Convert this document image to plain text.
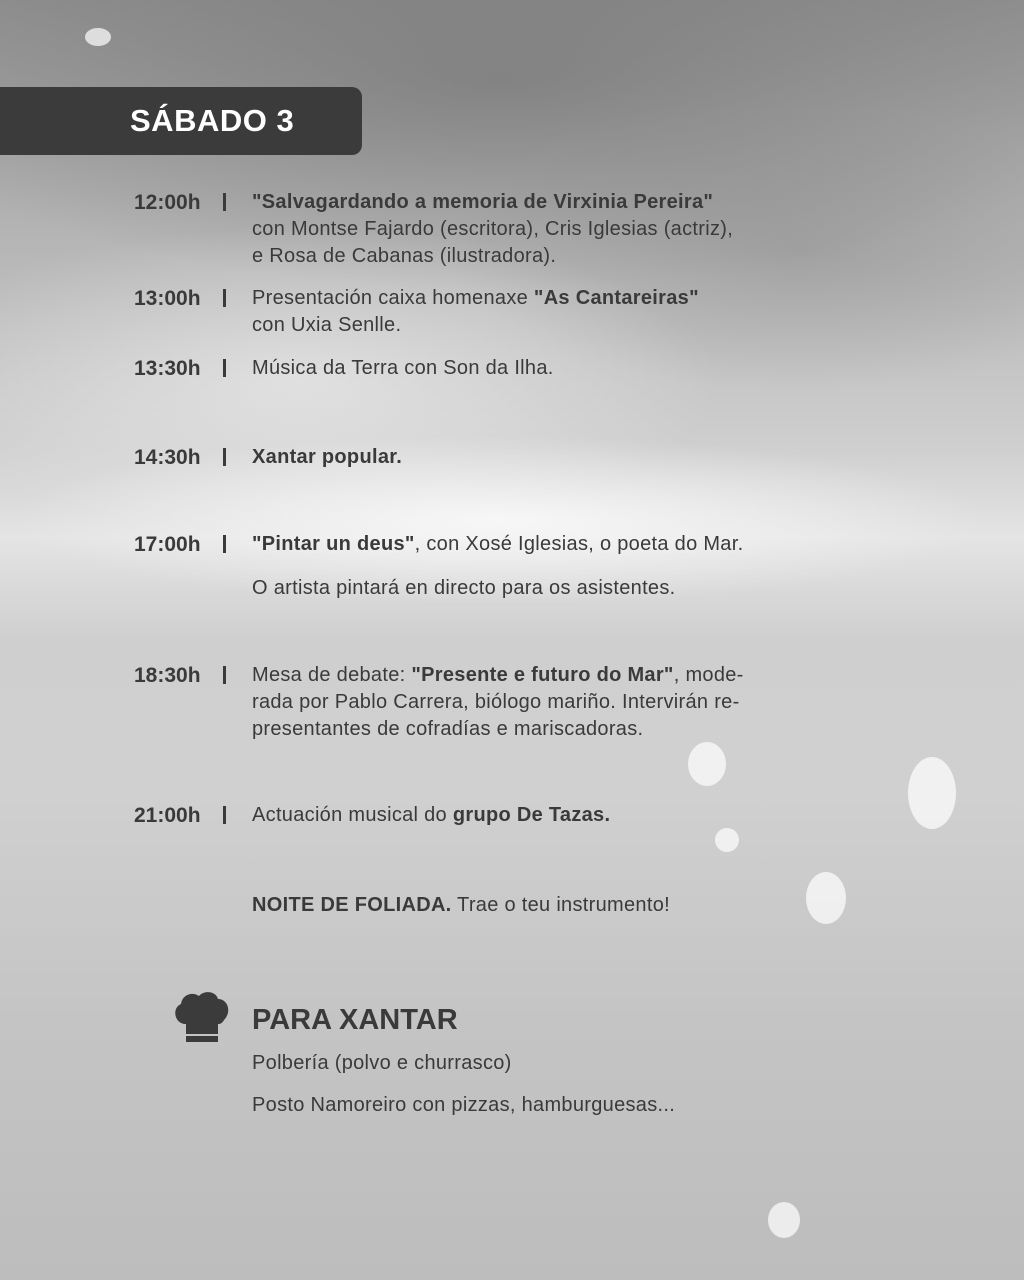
SÁBADO 3
12:00h	"Salvagardando a memoria de Virxinia Pereira"
con Montse Fajardo (escritora), Cris Iglesias (actriz),
e Rosa de Cabanas (ilustradora).
13:00h	Presentación caixa homenaxe "As Cantareiras"
con Uxia Senlle.
13:30h	Música da Terra con Son da Ilha.
14:30h	Xantar popular.
17:00h	"Pintar un deus", con Xosé Iglesias, o poeta do Mar.
O artista pintará en directo para os asistentes.
18:30h	Mesa de debate: "Presente e futuro do Mar", mode-
rada por Pablo Carrera, biólogo mariño. Intervirán re-
presentantes de cofradías e mariscadoras.
21:00h	Actuación musical do grupo De Tazas.
NOITE DE FOLIADA. Trae o teu instrumento!
PARA XANTAR
Polbería (polvo e churrasco)
Posto Namoreiro con pizzas, hamburguesas...
